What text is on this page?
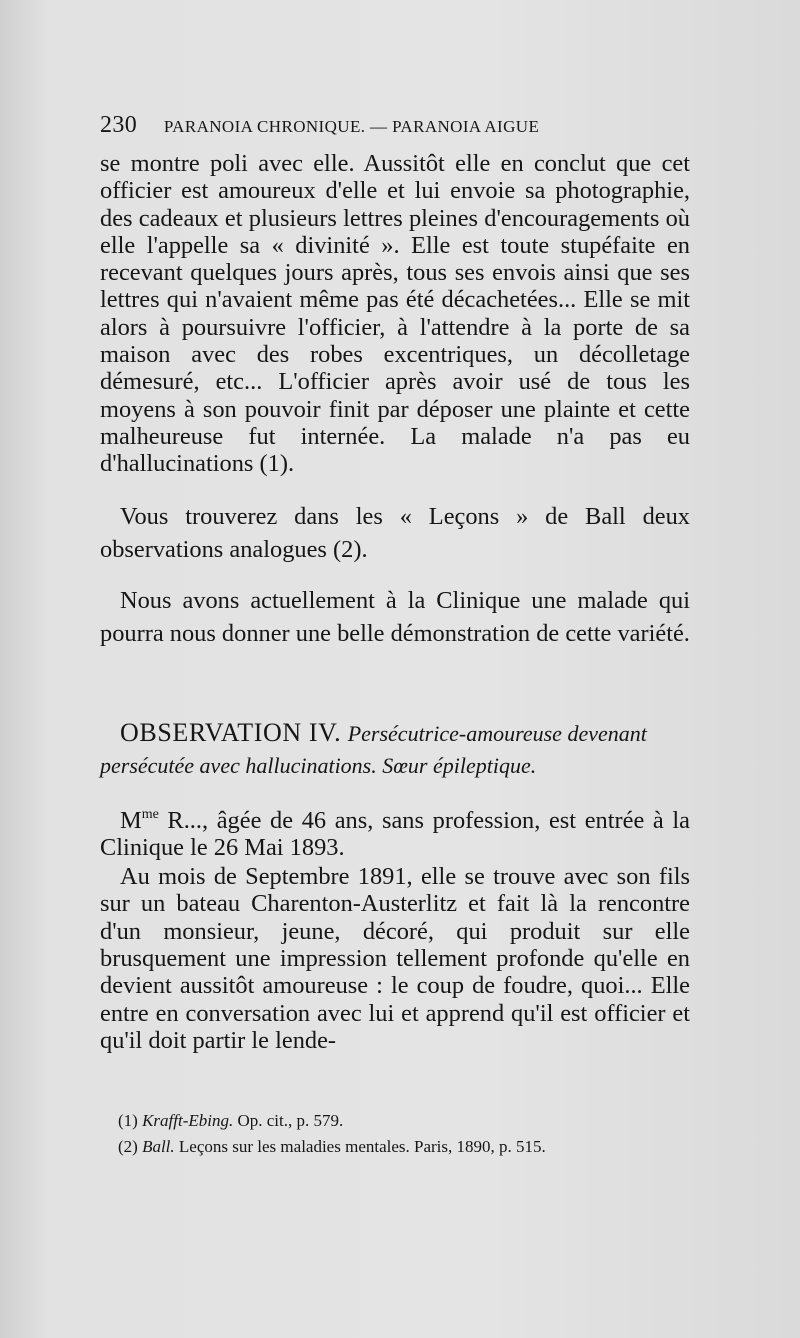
230 PARANOIA CHRONIQUE. — PARANOIA AIGUE

se montre poli avec elle. Aussitôt elle en conclut que cet officier est amoureux d'elle et lui envoie sa photographie, des cadeaux et plusieurs lettres pleines d'encouragements où elle l'appelle sa « divinité ». Elle est toute stupéfaite en recevant quelques jours après, tous ses envois ainsi que ses lettres qui n'avaient même pas été décachetées... Elle se mit alors à poursuivre l'officier, à l'attendre à la porte de sa maison avec des robes excentriques, un décolletage démesuré, etc... L'officier après avoir usé de tous les moyens à son pouvoir finit par déposer une plainte et cette malheureuse fut internée. La malade n'a pas eu d'hallucinations (1).

Vous trouverez dans les « Leçons » de Ball deux observations analogues (2).

Nous avons actuellement à la Clinique une malade qui pourra nous donner une belle démonstration de cette variété.

OBSERVATION IV. Persécutrice-amoureuse devenant

persécutée avec hallucinations. Sœur épileptique.

$M^{me}$ R..., âgée de 46 ans, sans profession, est entrée à la Clinique le 26 Mai 1893.

Au mois de Septembre 1891, elle se trouve avec son fils sur un bateau Charenton-Austerlitz et fait là la rencontre d'un monsieur, jeune, décoré, qui produit sur elle brusquement une impression tellement profonde qu'elle en devient aussitôt amoureuse : le coup de foudre, quoi... Elle entre en conversation avec lui et apprend qu'il est officier et qu'il doit partir le lende-

(1) Krafft-Ebing. Op. cit., p. 579.
(2) Ball. Leçons sur les maladies mentales. Paris, 1890, p. 515.
